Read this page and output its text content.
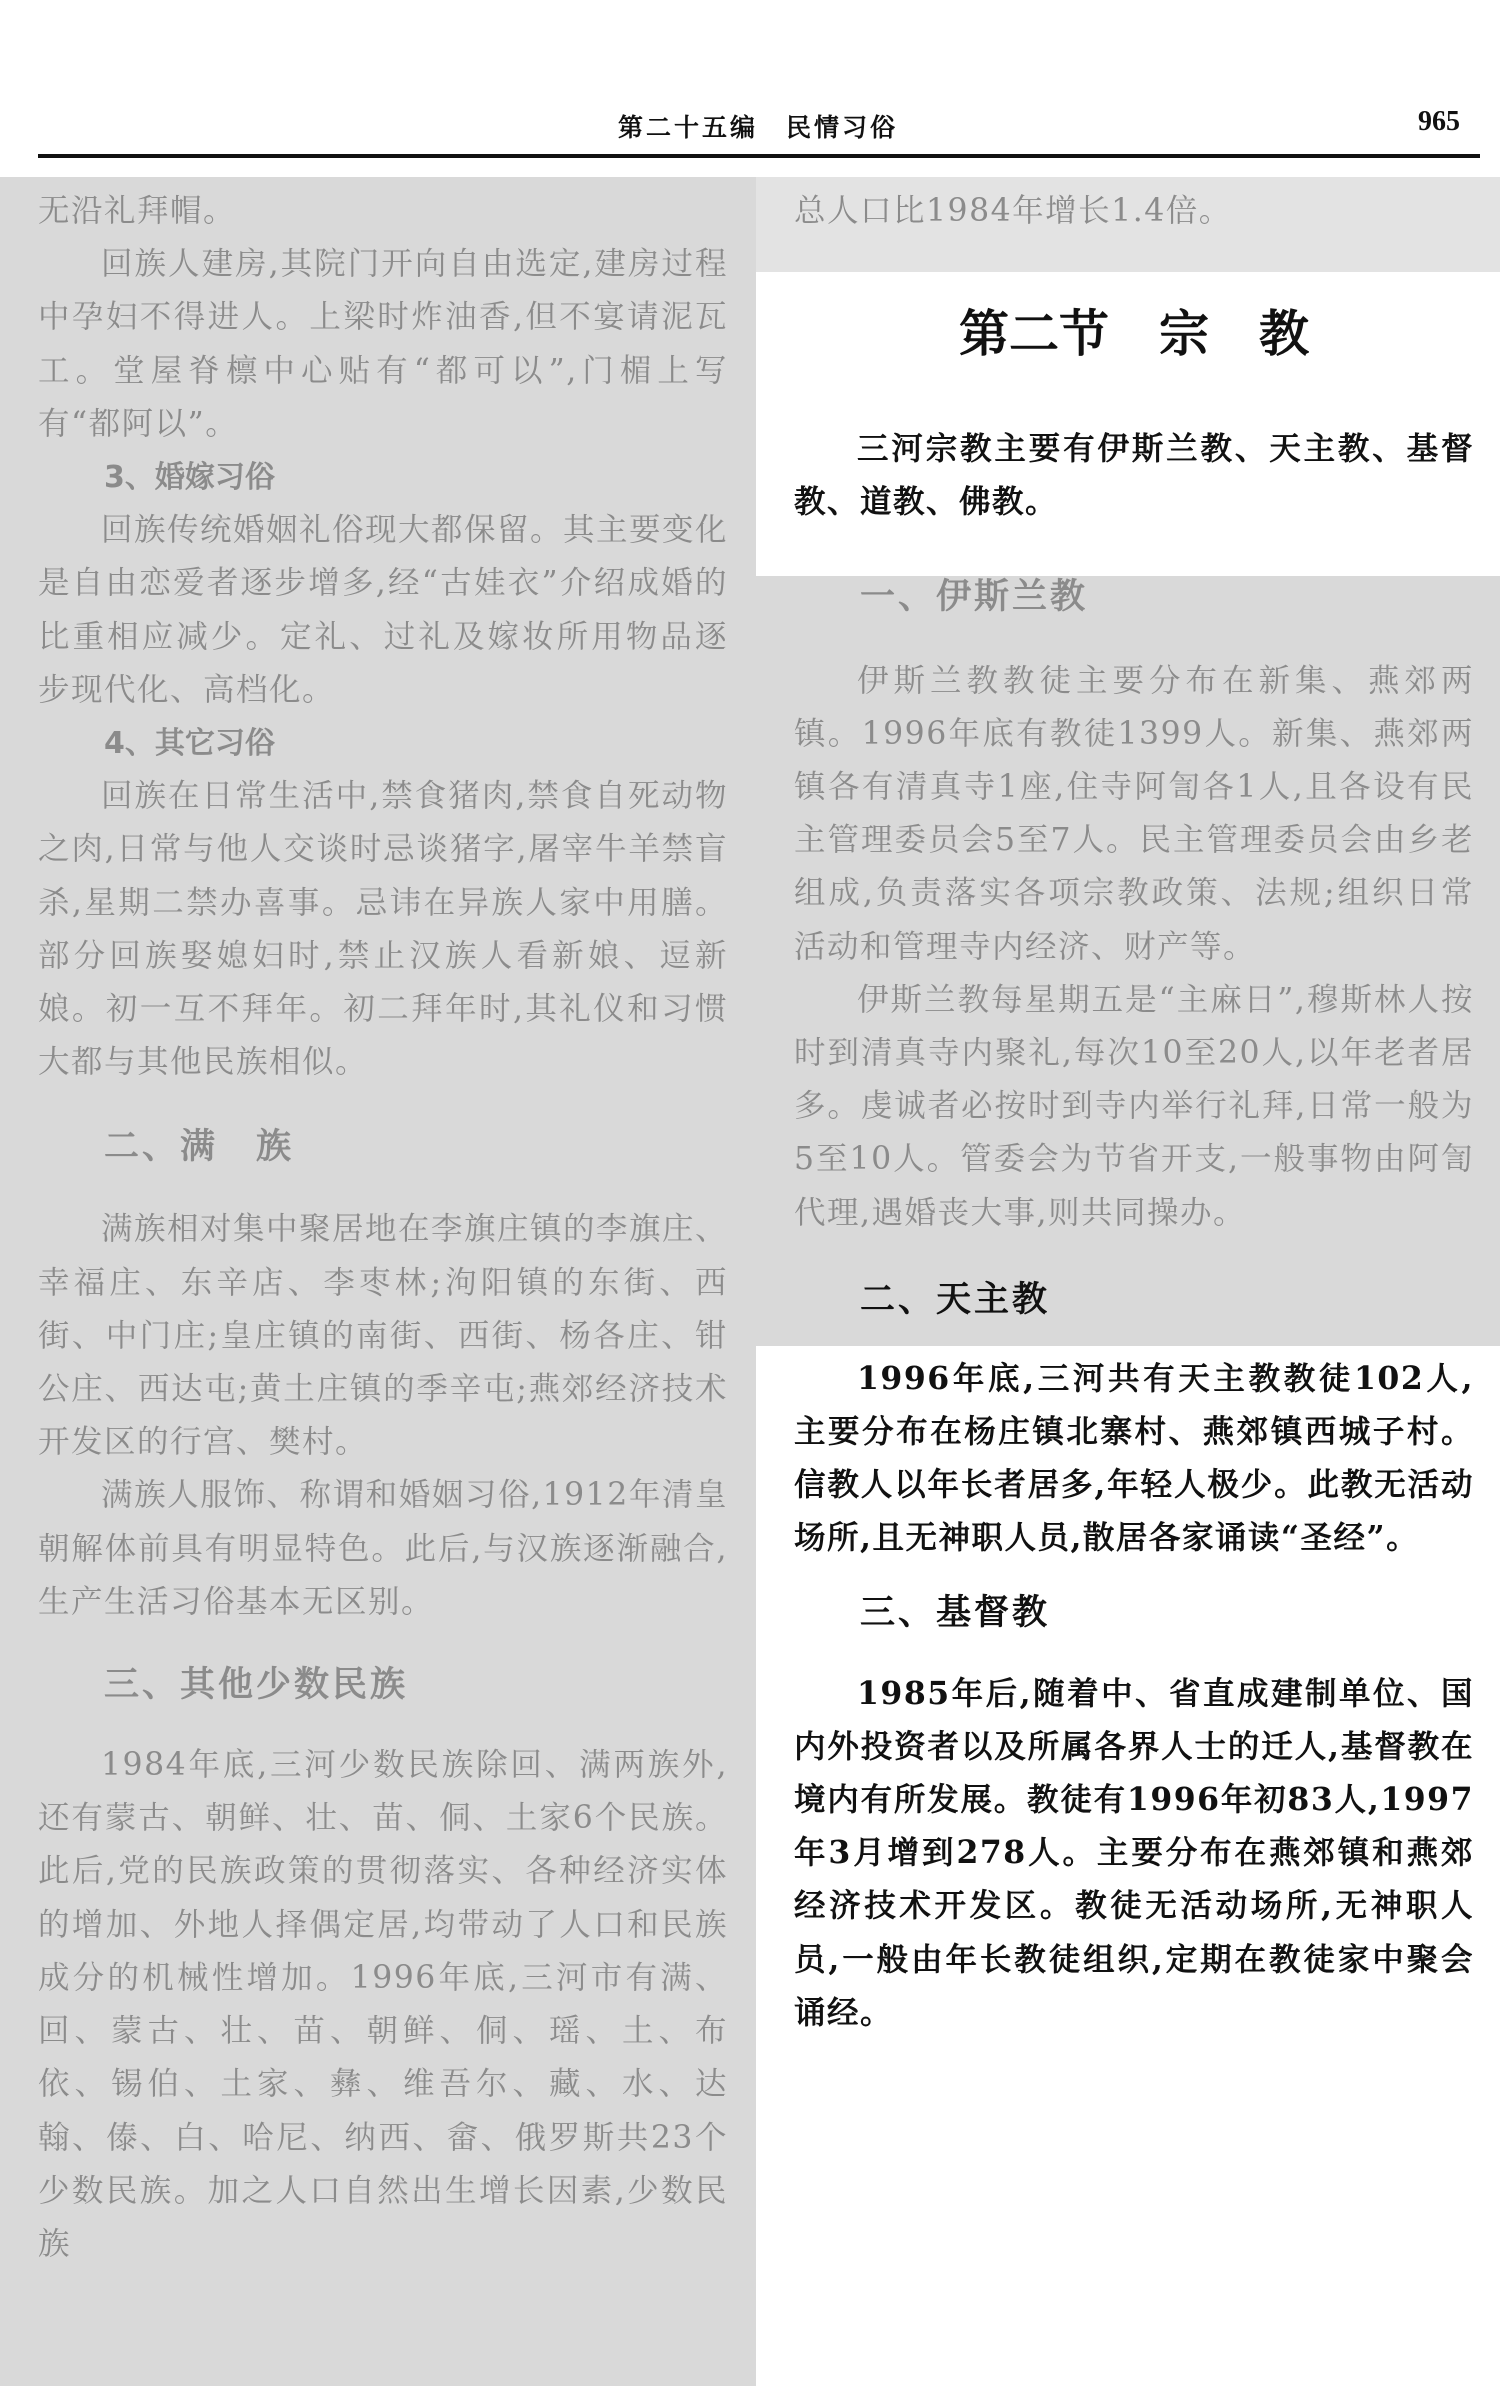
第二十五编　民情习俗	965

无沿礼拜帽。

回族人建房,其院门开向自由选定,建房过程中孕妇不得进人。上梁时炸油香,但不宴请泥瓦工。堂屋脊檩中心贴有“都可以”,门楣上写有“都阿以”。

3、婚嫁习俗

回族传统婚姻礼俗现大都保留。其主要变化是自由恋爱者逐步增多,经“古娃衣”介绍成婚的比重相应减少。定礼、过礼及嫁妆所用物品逐步现代化、高档化。

4、其它习俗

回族在日常生活中,禁食猪肉,禁食自死动物之肉,日常与他人交谈时忌谈猪字,屠宰牛羊禁盲杀,星期二禁办喜事。忌讳在异族人家中用膳。部分回族娶媳妇时,禁止汉族人看新娘、逗新娘。初一互不拜年。初二拜年时,其礼仪和习惯大都与其他民族相似。

二、满　族

满族相对集中聚居地在李旗庄镇的李旗庄、幸福庄、东辛店、李枣林;泃阳镇的东街、西街、中门庄;皇庄镇的南街、西街、杨各庄、钳公庄、西达屯;黄土庄镇的季辛屯;燕郊经济技术开发区的行宫、樊村。

满族人服饰、称谓和婚姻习俗,1912年清皇朝解体前具有明显特色。此后,与汉族逐渐融合,生产生活习俗基本无区别。

三、其他少数民族

1984年底,三河少数民族除回、满两族外,还有蒙古、朝鲜、壮、苗、侗、土家6个民族。此后,党的民族政策的贯彻落实、各种经济实体的增加、外地人择偶定居,均带动了人口和民族成分的机械性增加。1996年底,三河市有满、回、蒙古、壮、苗、朝鲜、侗、瑶、土、布依、锡伯、土家、彝、维吾尔、藏、水、达翰、傣、白、哈尼、纳西、畲、俄罗斯共23个少数民族。加之人口自然出生增长因素,少数民族

总人口比1984年增长1.4倍。

第二节　宗　教

三河宗教主要有伊斯兰教、天主教、基督教、道教、佛教。

一、伊斯兰教

伊斯兰教教徒主要分布在新集、燕郊两镇。1996年底有教徒1399人。新集、燕郊两镇各有清真寺1座,住寺阿訇各1人,且各设有民主管理委员会5至7人。民主管理委员会由乡老组成,负责落实各项宗教政策、法规;组织日常活动和管理寺内经济、财产等。

伊斯兰教每星期五是“主麻日”,穆斯林人按时到清真寺内聚礼,每次10至20人,以年老者居多。虔诚者必按时到寺内举行礼拜,日常一般为5至10人。管委会为节省开支,一般事物由阿訇代理,遇婚丧大事,则共同操办。

二、天主教

1996年底,三河共有天主教教徒102人,主要分布在杨庄镇北寨村、燕郊镇西城子村。信教人以年长者居多,年轻人极少。此教无活动场所,且无神职人员,散居各家诵读“圣经”。

三、基督教

1985年后,随着中、省直成建制单位、国内外投资者以及所属各界人士的迁人,基督教在境内有所发展。教徒有1996年初83人,1997年3月增到278人。主要分布在燕郊镇和燕郊经济技术开发区。教徒无活动场所,无神职人员,一般由年长教徒组织,定期在教徒家中聚会诵经。
